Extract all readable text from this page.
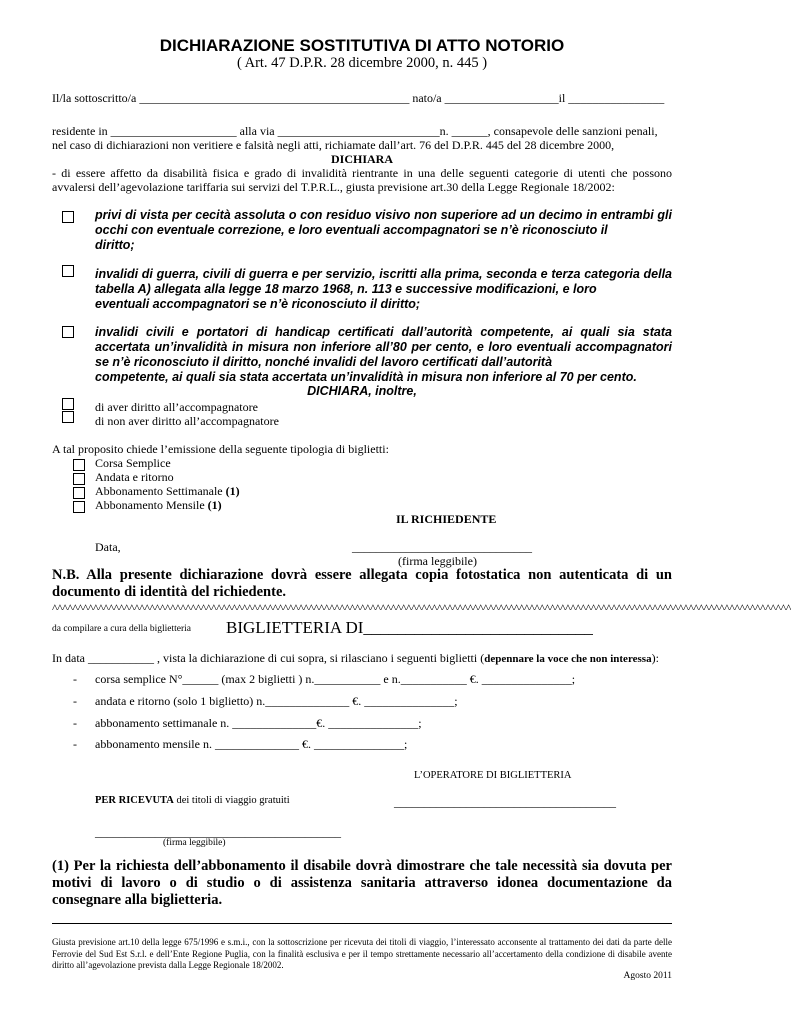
DICHIARAZIONE SOSTITUTIVA DI ATTO NOTORIO
( Art. 47 D.P.R. 28 dicembre 2000, n. 445 )
Il/la sottoscritto/a _____________________________________________ nato/a ___________________il ________________
residente in _____________________ alla via ___________________________n. ______, consapevole delle sanzioni penali,
nel caso di dichiarazioni non veritiere e falsità negli atti, richiamate dall’art. 76 del D.P.R. 445 del 28 dicembre 2000,
DICHIARA
- di essere affetto da disabilità fisica e grado di invalidità rientrante in una delle seguenti categorie di utenti che possono avvalersi dell’agevolazione tariffaria sui servizi del T.P.R.L., giusta previsione art.30 della Legge Regionale 18/2002:
privi di vista per cecità assoluta o con residuo visivo non superiore ad un decimo in entrambi gli occhi con eventuale correzione, e loro eventuali accompagnatori se n’è riconosciuto il
diritto;
invalidi di guerra, civili di guerra e per servizio, iscritti alla prima, seconda e terza categoria della tabella A) allegata alla legge 18 marzo 1968, n. 113 e successive modificazioni, e loro
eventuali accompagnatori se n’è riconosciuto il diritto;
invalidi civili e portatori di handicap certificati dall’autorità competente, ai quali sia stata accertata un’invalidità in misura non inferiore all’80 per cento, e loro eventuali accompagnatori se n’è riconosciuto il diritto, nonché invalidi del lavoro certificati dall’autorità
competente, ai quali sia stata accertata un’invalidità in misura non inferiore al 70 per cento.
DICHIARA, inoltre,
di aver diritto all’accompagnatore
di non aver diritto all’accompagnatore
A tal proposito chiede l’emissione della seguente tipologia di biglietti:
Corsa Semplice
Andata e ritorno
Abbonamento Settimanale (1)
Abbonamento Mensile (1)
IL RICHIEDENTE
Data,	______________________________
(firma leggibile)
N.B. Alla presente dichiarazione dovrà essere allegata copia fotostatica non autenticata di un documento di identità del richiedente.
^^^^^^^^^^^^^^^^^^^^^^^^^^^^^^^^^^^^^^^^^^^^^^^^^^^^^^^^^^^^^^^^^^^^^^^^^^^^^^^^^^^^^^^^^^^^^^^^^^^^^^^^^^^^^^^^^^^^^^^^^^^^^^^^^^^^^^^^^^^^^^^^
da compilare a cura della biglietteria BIGLIETTERIA DI___________________________
In data ___________ , vista la dichiarazione di cui sopra, si rilasciano i seguenti biglietti (depennare la voce che non interessa):
- corsa semplice N°______ (max 2 biglietti ) n.___________ e n.___________ €. _______________;
- andata e ritorno (solo 1 biglietto) n.______________ €. _______________;
- abbonamento settimanale n. ______________€. _______________;
- abbonamento mensile n. ______________ €. _______________;
L’OPERATORE DI BIGLIETTERIA
PER RICEVUTA dei titoli di viaggio gratuiti	_____________________________________
_________________________________________
(firma leggibile)
(1) Per la richiesta dell’abbonamento il disabile dovrà dimostrare che tale necessità sia dovuta per motivi di lavoro o di studio o di assistenza sanitaria attraverso idonea documentazione da consegnare alla biglietteria.
Giusta previsione art.10 della legge 675/1996 e s.m.i., con la sottoscrizione per ricevuta dei titoli di viaggio, l’interessato acconsente al trattamento dei dati da parte delle Ferrovie del Sud Est S.r.l. e dell’Ente Regione Puglia, con la finalità esclusiva e per il tempo strettamente necessario all’accertamento della condizione di disabile avente diritto all’agevolazione prevista dalla Legge Regionale 18/2002.
Agosto 2011
